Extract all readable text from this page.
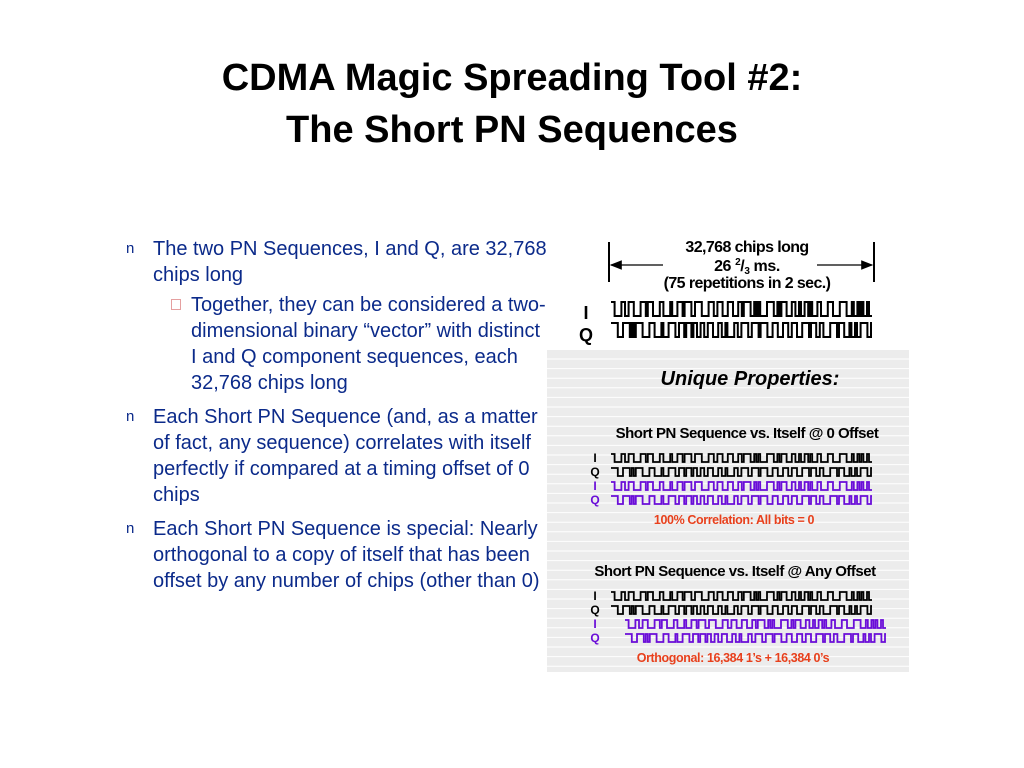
CDMA Magic Spreading Tool #2:
The Short PN Sequences
n The two PN Sequences, I and Q, are 32,768 chips long
Together, they can be considered a two-dimensional binary “vector” with distinct I and Q component sequences, each 32,768 chips long
n Each Short PN Sequence (and, as a matter of fact, any sequence) correlates with itself perfectly if compared at a timing offset of 0 chips
n Each Short PN Sequence is special: Nearly orthogonal to a copy of itself that has been offset by any number of chips (other than 0)
32,768 chips long
26 $^2$/3 ms.
(75 repetitions in 2 sec.)
I
Q
Unique Properties:
Short PN Sequence vs. Itself @ 0 Offset
I
Q
I
Q
100% Correlation: All bits = 0
Short PN Sequence vs. Itself @ Any Offset
I
Q
I
Q
Orthogonal: 16,384 1’s + 16,384 0’s
